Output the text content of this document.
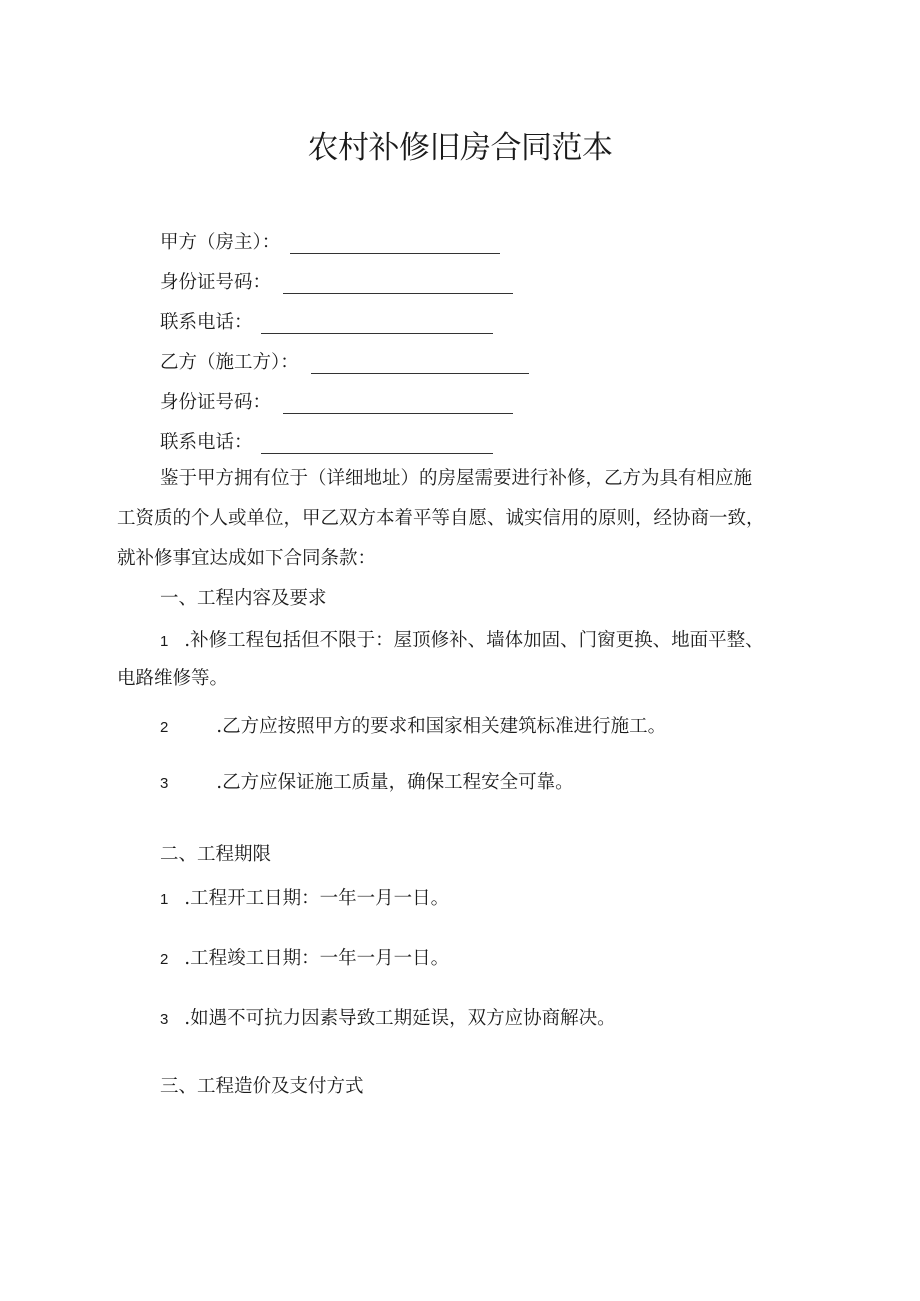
农村补修旧房合同范本
甲方（房主）：
身份证号码：
联系电话：
乙方（施工方）：
身份证号码：
联系电话：
鉴于甲方拥有位于（详细地址）的房屋需要进行补修，乙方为具有相应施
工资质的个人或单位，甲乙双方本着平等自愿、诚实信用的原则，经协商一致，
就补修事宜达成如下合同条款：
一、工程内容及要求
1 .补修工程包括但不限于：屋顶修补、墙体加固、门窗更换、地面平整、
电路维修等。
2	.乙方应按照甲方的要求和国家相关建筑标准进行施工。
3	.乙方应保证施工质量，确保工程安全可靠。
二、工程期限
1 .工程开工日期：一年一月一日。
2 .工程竣工日期：一年一月一日。
3 .如遇不可抗力因素导致工期延误，双方应协商解决。
三、工程造价及支付方式
